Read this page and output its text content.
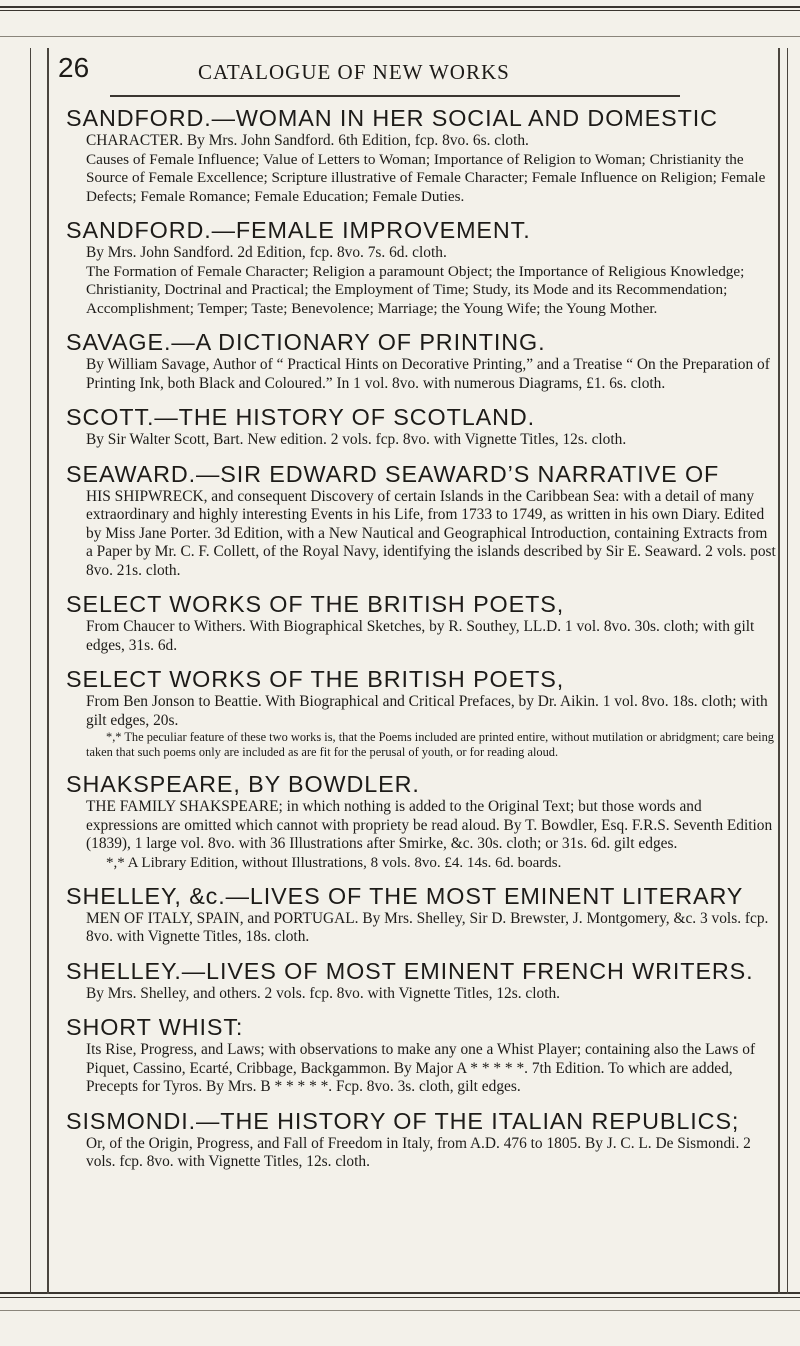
26	CATALOGUE OF NEW WORKS
SANDFORD.—WOMAN IN HER SOCIAL AND DOMESTIC
CHARACTER. By Mrs. John Sandford. 6th Edition, fcp. 8vo. 6s. cloth.
Causes of Female Influence; Value of Letters to Woman; Importance of Religion to Woman; Christianity the Source of Female Excellence; Scripture illustrative of Female Character; Female Influence on Religion; Female Defects; Female Romance; Female Education; Female Duties.
SANDFORD.—FEMALE IMPROVEMENT.
By Mrs. John Sandford. 2d Edition, fcp. 8vo. 7s. 6d. cloth.
The Formation of Female Character; Religion a paramount Object; the Importance of Religious Knowledge; Christianity, Doctrinal and Practical; the Employment of Time; Study, its Mode and its Recommendation; Accomplishment; Temper; Taste; Benevolence; Marriage; the Young Wife; the Young Mother.
SAVAGE.—A DICTIONARY OF PRINTING.
By William Savage, Author of “ Practical Hints on Decorative Printing,” and a Treatise “ On the Preparation of Printing Ink, both Black and Coloured.” In 1 vol. 8vo. with numerous Diagrams, £1. 6s. cloth.
SCOTT.—THE HISTORY OF SCOTLAND.
By Sir Walter Scott, Bart. New edition. 2 vols. fcp. 8vo. with Vignette Titles, 12s. cloth.
SEAWARD.—SIR EDWARD SEAWARD’S NARRATIVE OF
HIS SHIPWRECK, and consequent Discovery of certain Islands in the Caribbean Sea: with a detail of many extraordinary and highly interesting Events in his Life, from 1733 to 1749, as written in his own Diary. Edited by Miss Jane Porter. 3d Edition, with a New Nautical and Geographical Introduction, containing Extracts from a Paper by Mr. C. F. Collett, of the Royal Navy, identifying the islands described by Sir E. Seaward. 2 vols. post 8vo. 21s. cloth.
SELECT WORKS OF THE BRITISH POETS,
From Chaucer to Withers. With Biographical Sketches, by R. Southey, LL.D. 1 vol. 8vo. 30s. cloth; with gilt edges, 31s. 6d.
SELECT WORKS OF THE BRITISH POETS,
From Ben Jonson to Beattie. With Biographical and Critical Prefaces, by Dr. Aikin. 1 vol. 8vo. 18s. cloth; with gilt edges, 20s.
*,* The peculiar feature of these two works is, that the Poems included are printed entire, without mutilation or abridgment; care being taken that such poems only are included as are fit for the perusal of youth, or for reading aloud.
SHAKSPEARE, BY BOWDLER.
THE FAMILY SHAKSPEARE; in which nothing is added to the Original Text; but those words and expressions are omitted which cannot with propriety be read aloud. By T. Bowdler, Esq. F.R.S. Seventh Edition (1839), 1 large vol. 8vo. with 36 Illustrations after Smirke, &c. 30s. cloth; or 31s. 6d. gilt edges.
*,* A Library Edition, without Illustrations, 8 vols. 8vo. £4. 14s. 6d. boards.
SHELLEY, &c.—LIVES OF THE MOST EMINENT LITERARY
MEN OF ITALY, SPAIN, and PORTUGAL. By Mrs. Shelley, Sir D. Brewster, J. Montgomery, &c. 3 vols. fcp. 8vo. with Vignette Titles, 18s. cloth.
SHELLEY.—LIVES OF MOST EMINENT FRENCH WRITERS.
By Mrs. Shelley, and others. 2 vols. fcp. 8vo. with Vignette Titles, 12s. cloth.
SHORT WHIST:
Its Rise, Progress, and Laws; with observations to make any one a Whist Player; containing also the Laws of Piquet, Cassino, Ecarté, Cribbage, Backgammon. By Major A * * * * *. 7th Edition. To which are added, Precepts for Tyros. By Mrs. B * * * * *. Fcp. 8vo. 3s. cloth, gilt edges.
SISMONDI.—THE HISTORY OF THE ITALIAN REPUBLICS;
Or, of the Origin, Progress, and Fall of Freedom in Italy, from A.D. 476 to 1805. By J. C. L. De Sismondi. 2 vols. fcp. 8vo. with Vignette Titles, 12s. cloth.
